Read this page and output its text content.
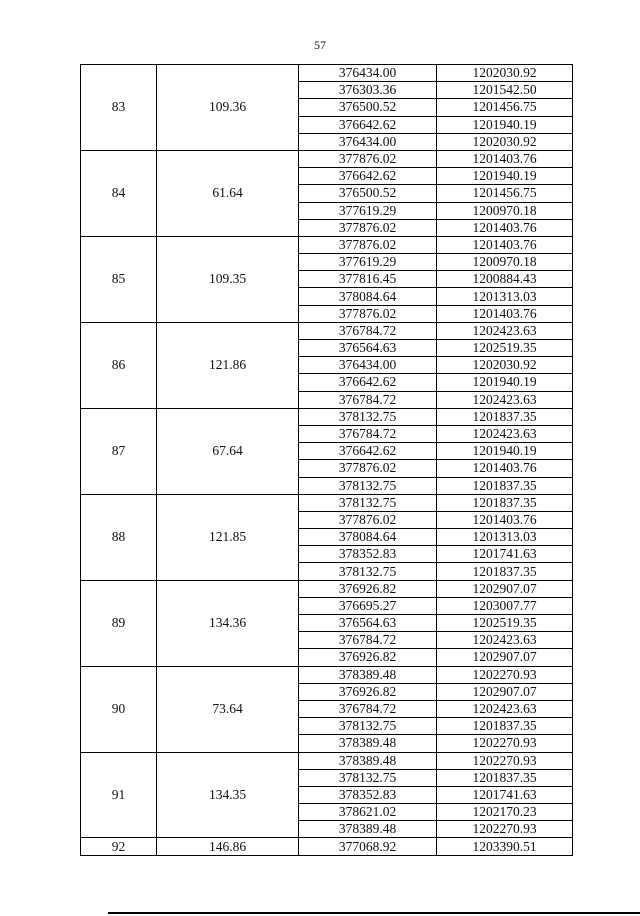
57
83	109.36	376434.00	1202030.92
		376303.36	1201542.50
		376500.52	1201456.75
		376642.62	1201940.19
		376434.00	1202030.92
84	61.64	377876.02	1201403.76
		376642.62	1201940.19
		376500.52	1201456.75
		377619.29	1200970.18
		377876.02	1201403.76
85	109.35	377876.02	1201403.76
		377619.29	1200970.18
		377816.45	1200884.43
		378084.64	1201313.03
		377876.02	1201403.76
86	121.86	376784.72	1202423.63
		376564.63	1202519.35
		376434.00	1202030.92
		376642.62	1201940.19
		376784.72	1202423.63
87	67.64	378132.75	1201837.35
		376784.72	1202423.63
		376642.62	1201940.19
		377876.02	1201403.76
		378132.75	1201837.35
88	121.85	378132.75	1201837.35
		377876.02	1201403.76
		378084.64	1201313.03
		378352.83	1201741.63
		378132.75	1201837.35
89	134.36	376926.82	1202907.07
		376695.27	1203007.77
		376564.63	1202519.35
		376784.72	1202423.63
		376926.82	1202907.07
90	73.64	378389.48	1202270.93
		376926.82	1202907.07
		376784.72	1202423.63
		378132.75	1201837.35
		378389.48	1202270.93
91	134.35	378389.48	1202270.93
		378132.75	1201837.35
		378352.83	1201741.63
		378621.02	1202170.23
		378389.48	1202270.93
92	146.86	377068.92	1203390.51
